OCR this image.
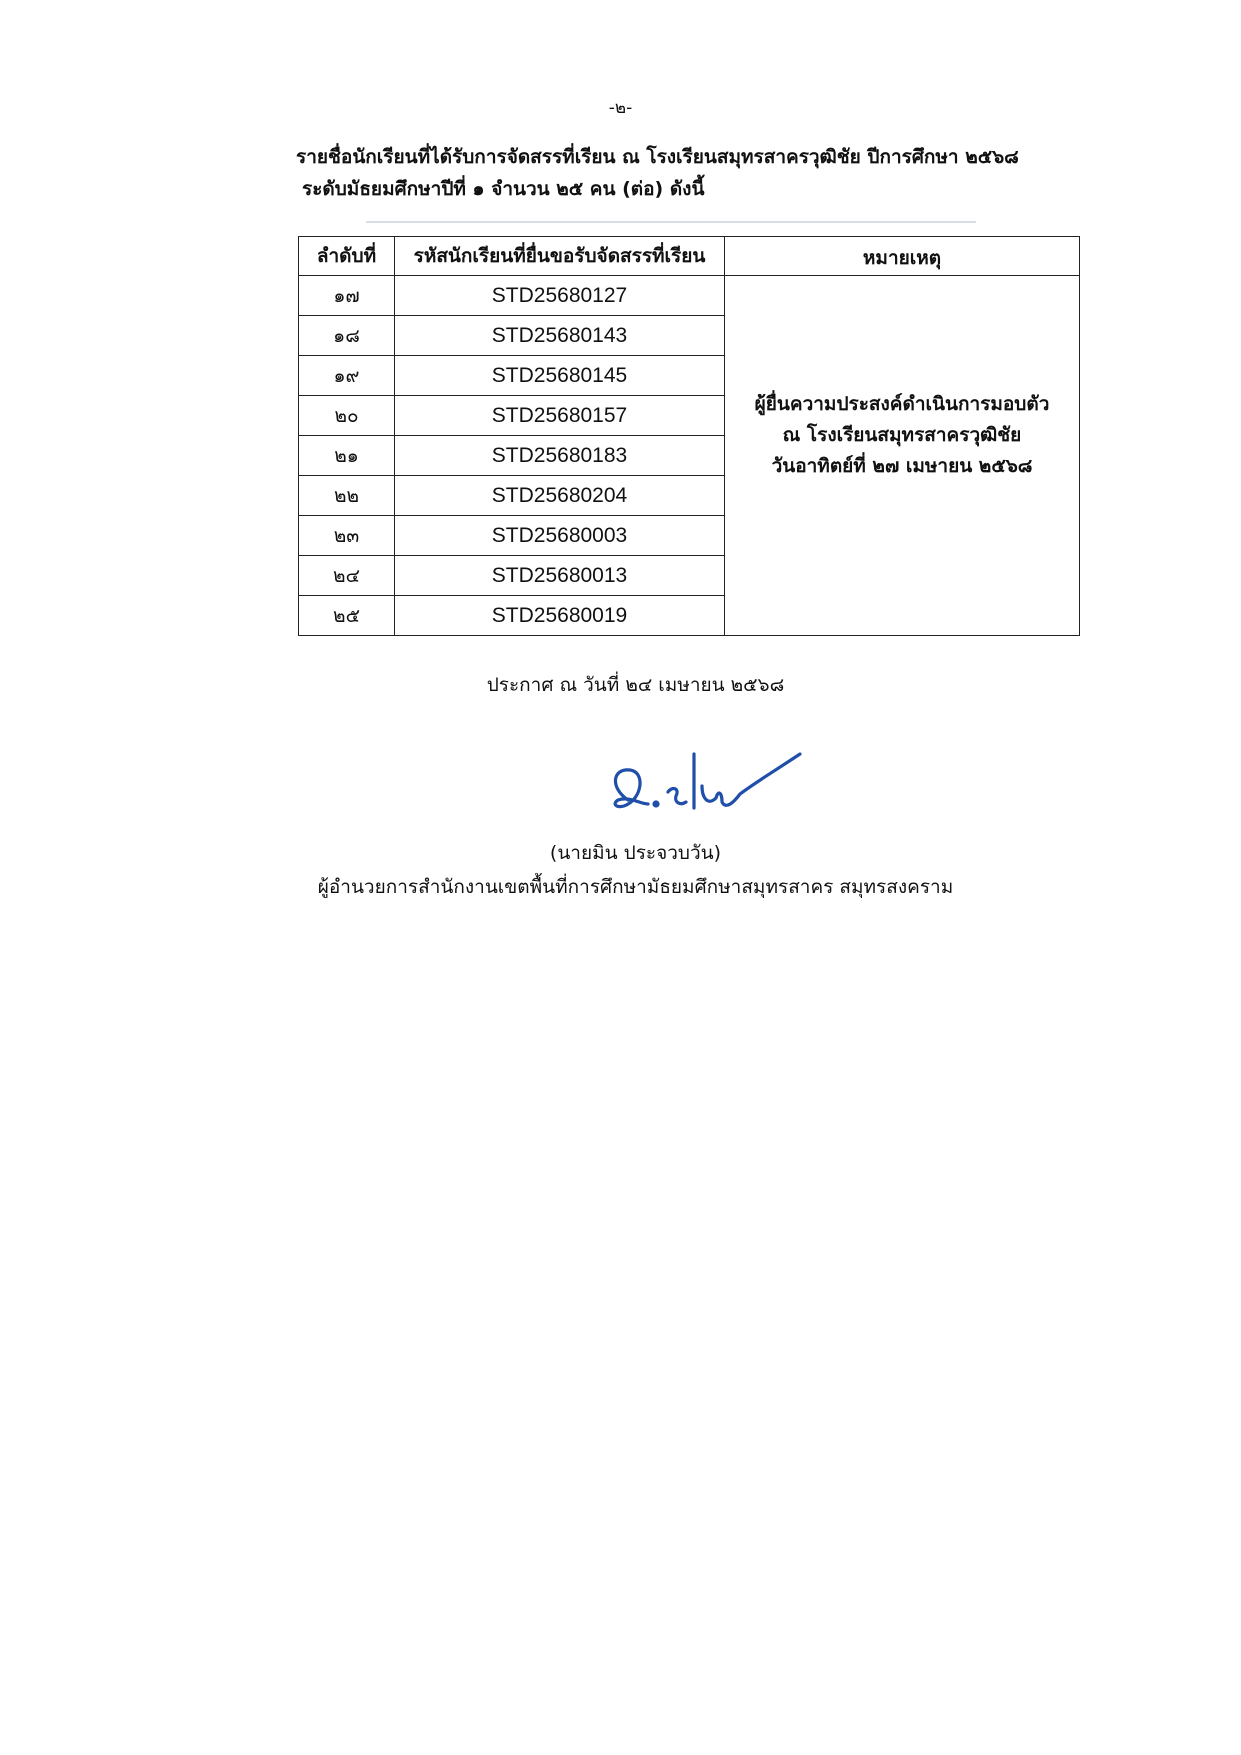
-๒-
รายชื่อนักเรียนที่ได้รับการจัดสรรที่เรียน ณ โรงเรียนสมุทรสาครวุฒิชัย ปีการศึกษา ๒๕๖๘
ระดับมัธยมศึกษาปีที่ ๑ จำนวน ๒๕ คน (ต่อ) ดังนี้
ลำดับที่	รหัสนักเรียนที่ยื่นขอรับจัดสรรที่เรียน	หมายเหตุ
๑๗	STD25680127	ผู้ยื่นความประสงค์ดำเนินการมอบตัว
ณ โรงเรียนสมุทรสาครวุฒิชัย
วันอาทิตย์ที่ ๒๗ เมษายน ๒๕๖๘

๑๘	STD25680143	
๑๙	STD25680145	
๒๐	STD25680157	
๒๑	STD25680183	
๒๒	STD25680204	
๒๓	STD25680003	
๒๔	STD25680013	
๒๕	STD25680019	
ประกาศ ณ วันที่ ๒๔ เมษายน ๒๕๖๘
(นายมิน ประจวบวัน)
ผู้อำนวยการสำนักงานเขตพื้นที่การศึกษามัธยมศึกษาสมุทรสาคร สมุทรสงคราม
